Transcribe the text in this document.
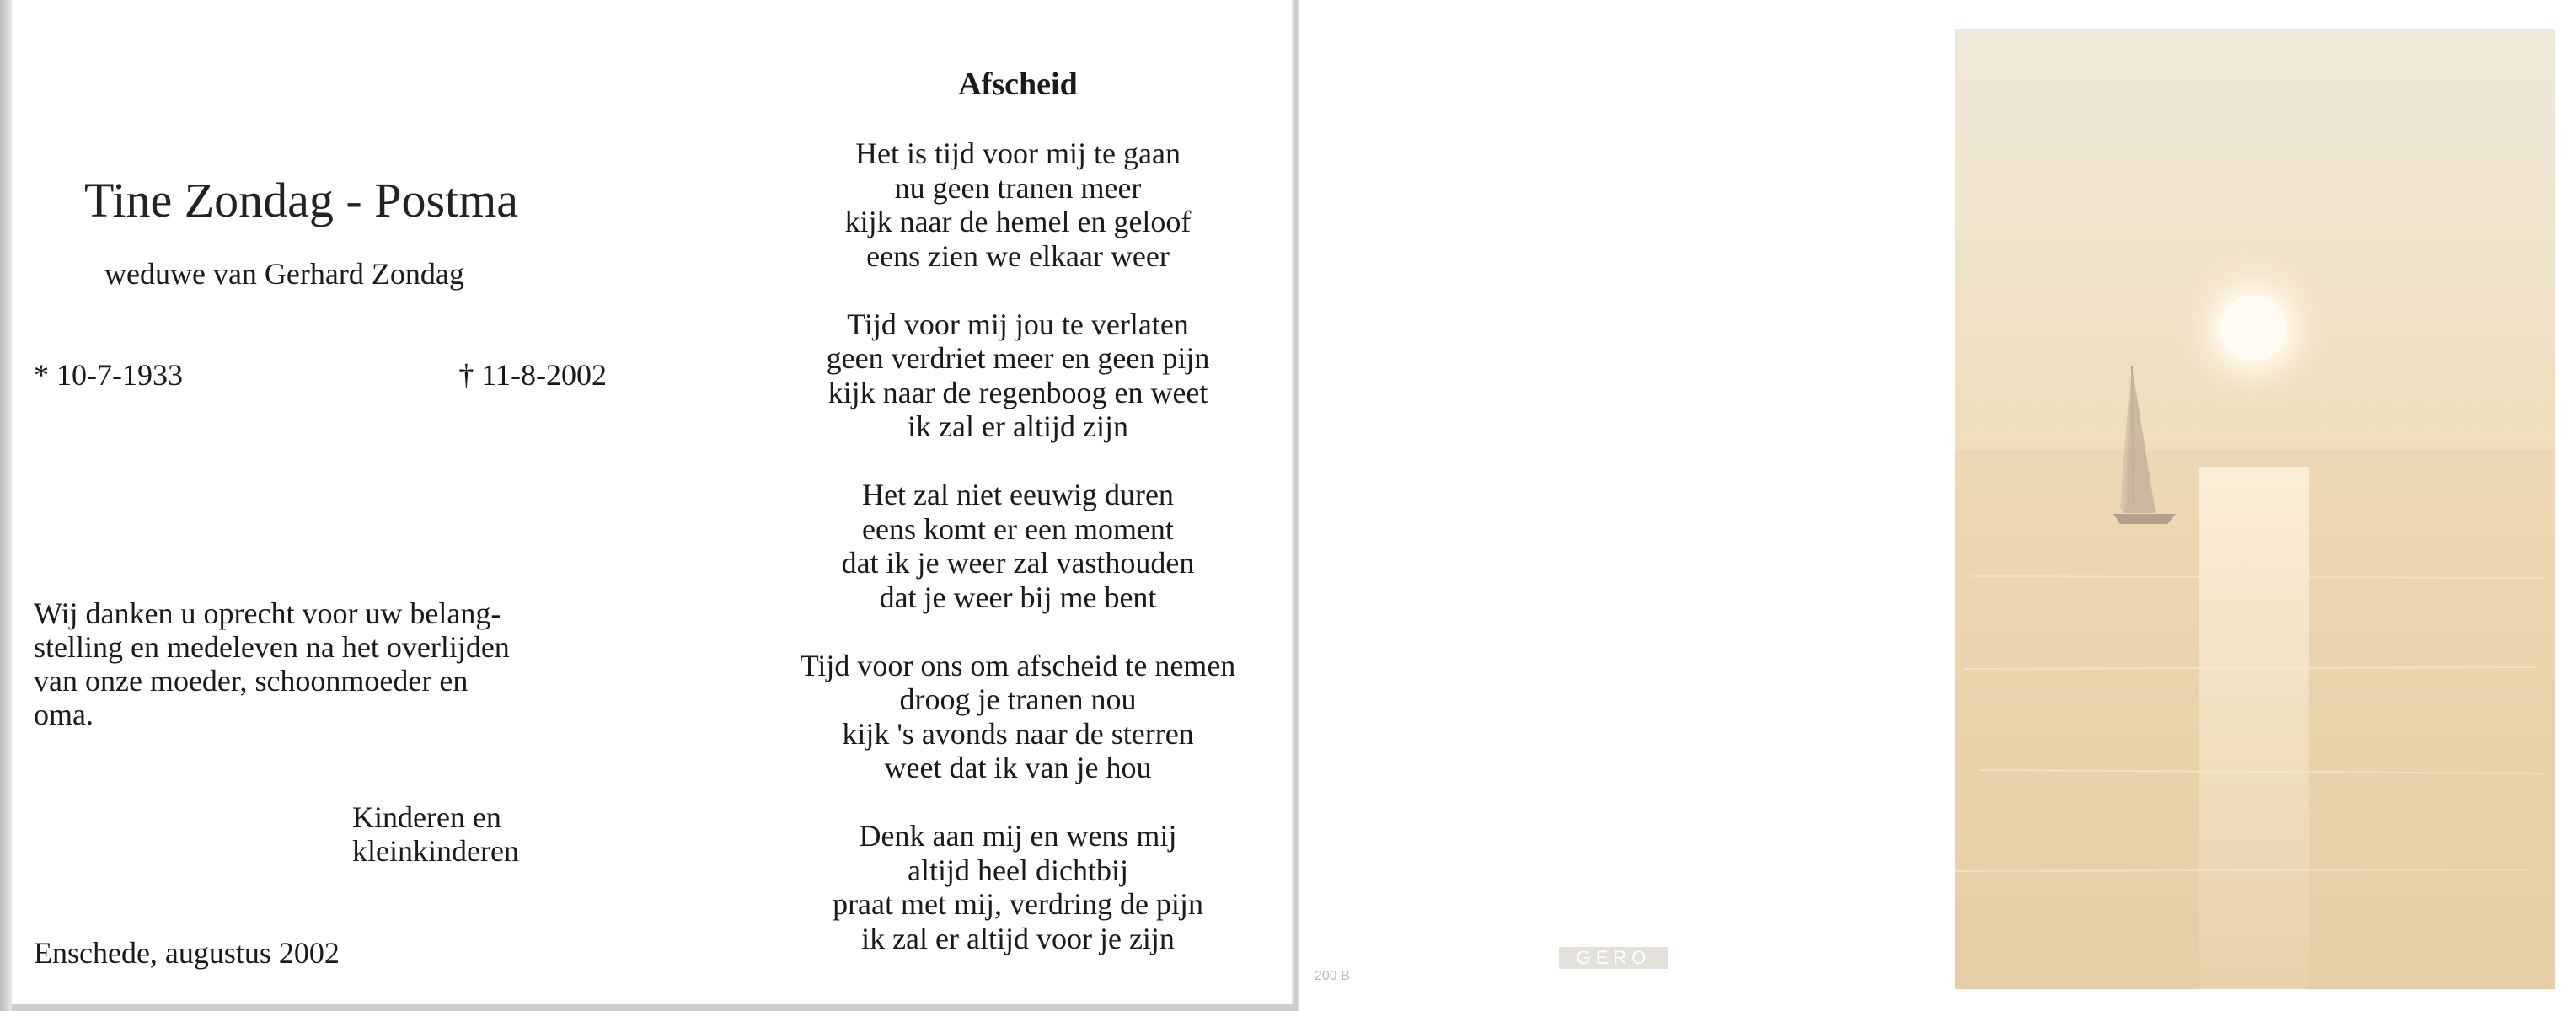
Tine Zondag - Postma
weduwe van Gerhard Zondag
* 10-7-1933	† 11-8-2002
Wij danken u oprecht voor uw belang-
stelling en medeleven na het overlijden
van onze moeder, schoonmoeder en
oma.
Kinderen en
kleinkinderen
Enschede, augustus 2002
Afscheid
Het is tijd voor mij te gaan
nu geen tranen meer
kijk naar de hemel en geloof
eens zien we elkaar weer
Tijd voor mij jou te verlaten
geen verdriet meer en geen pijn
kijk naar de regenboog en weet
ik zal er altijd zijn
Het zal niet eeuwig duren
eens komt er een moment
dat ik je weer zal vasthouden
dat je weer bij me bent
Tijd voor ons om afscheid te nemen
droog je tranen nou
kijk 's avonds naar de sterren
weet dat ik van je hou
Denk aan mij en wens mij
altijd heel dichtbij
praat met mij, verdring de pijn
ik zal er altijd voor je zijn
GERO
200 B
